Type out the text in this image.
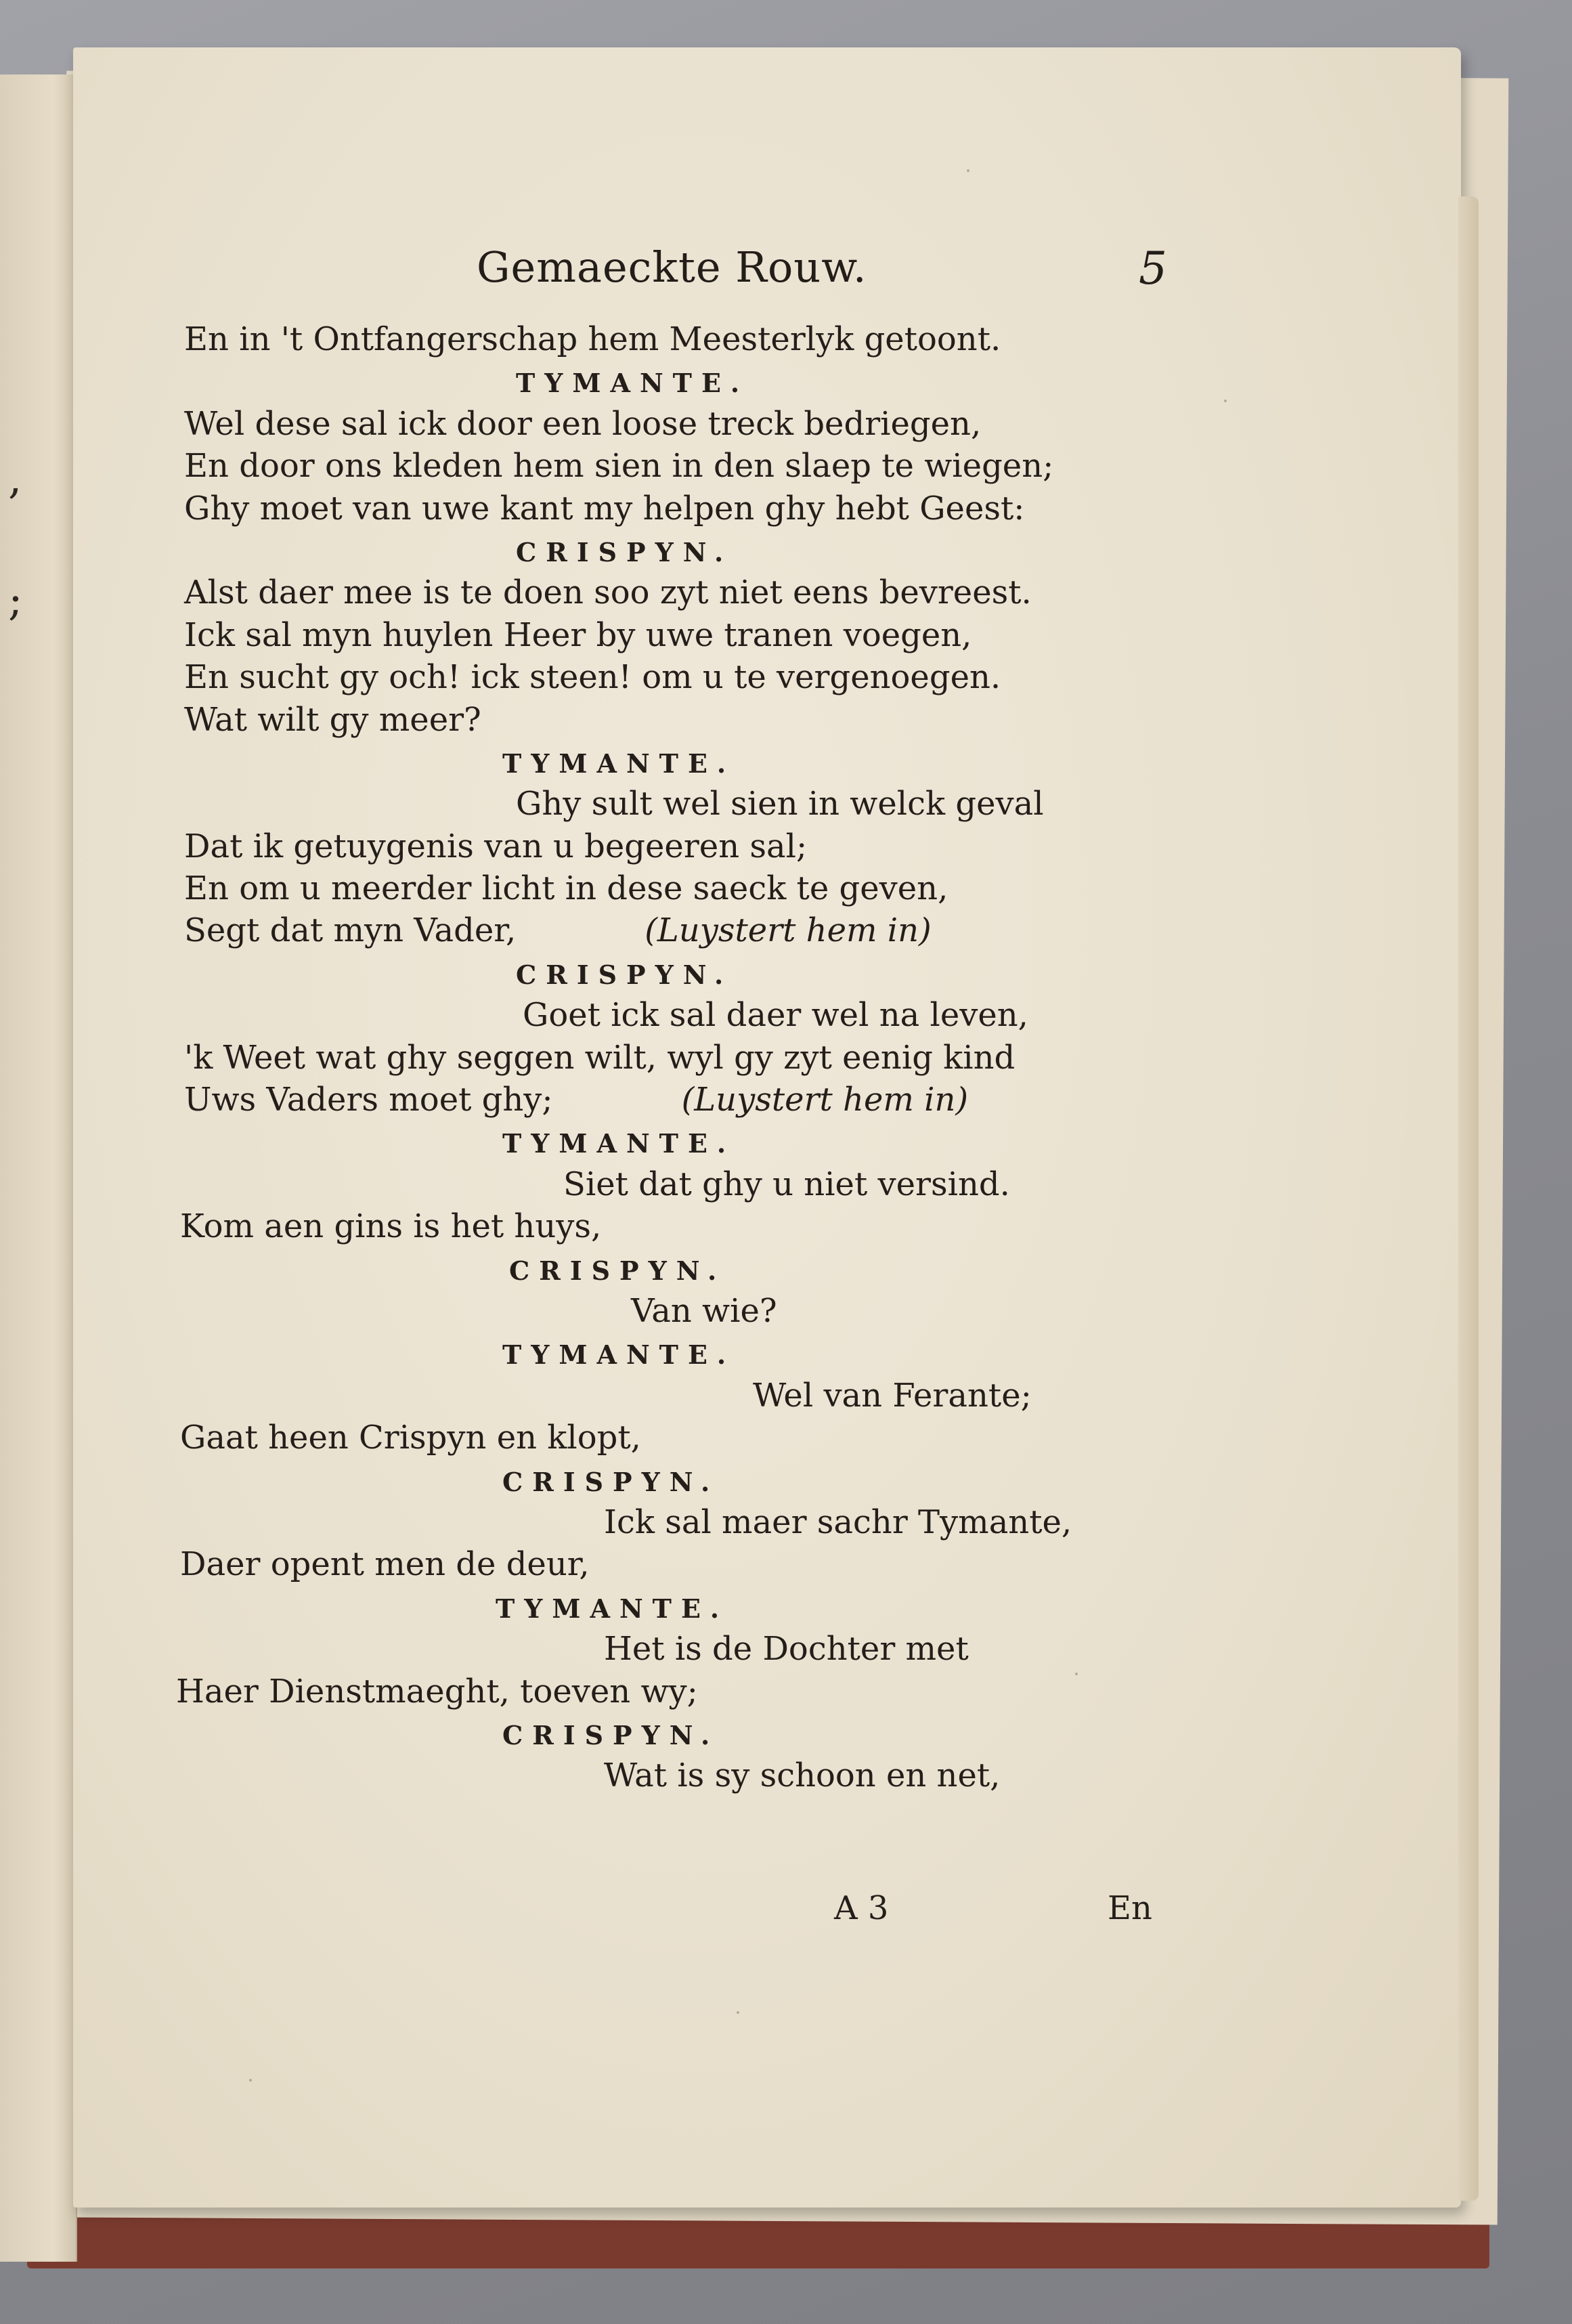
,
;
Gemaeckte Rouw.	5
En in 't Ontfangerschap hem Meesterlyk getoont.
TYMANTE.
Wel dese sal ick door een loose treck bedriegen,
En door ons kleden hem sien in den slaep te wiegen;
Ghy moet van uwe kant my helpen ghy hebt Geest:
CRISPYN.
Alst daer mee is te doen soo zyt niet eens bevreest.
Ick sal myn huylen Heer by uwe tranen voegen,
En sucht gy och! ick steen! om u te vergenoegen.
Wat wilt gy meer?
TYMANTE.
Ghy sult wel sien in welck geval
Dat ik getuygenis van u begeeren sal;
En om u meerder licht in dese saeck te geven,
Segt dat myn Vader,	(Luystert hem in)
CRISPYN.
Goet ick sal daer wel na leven,
'k Weet wat ghy seggen wilt, wyl gy zyt eenig kind
Uws Vaders moet ghy;	(Luystert hem in)
TYMANTE.
Siet dat ghy u niet versind.
Kom aen gins is het huys,
CRISPYN.
Van wie?
TYMANTE.
Wel van Ferante;
Gaat heen Crispyn en klopt,
CRISPYN.
Ick sal maer sachr Tymante,
Daer opent men de deur,
TYMANTE.
Het is de Dochter met
Haer Dienstmaeght, toeven wy;
CRISPYN.
Wat is sy schoon en net,
A 3	En
